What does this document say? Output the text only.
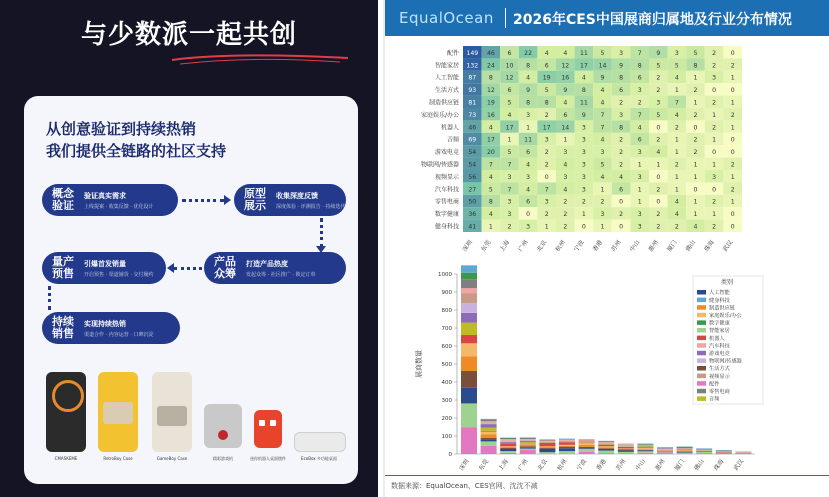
与少数派一起共创
从创意验证到持续热销
我们提供全链路的社区支持
概念验证
验证真实需求
上线提案 · 收集反馈 · 优化设计
原型展示
收集深度反馈
深度体验 · 评测报告 · 持续迭代
产品众筹
打造产品热度
发起众筹 · 社区推广 · 锁定订单
量产预售
引爆首发销量
开启预售 · 渠道铺货 · 交付履约
持续销售
实现持续热销
渠道合作 · 内容运营 · 口碑沉淀
CMASKEME	RetroBoy Case	GameBoy Case	精彩游戏机	迷你机器人桌面摆件	EcoBox 多功能桌面
EqualOcean 2026年CES中国展商归属地及行业分布情况
配件 149 46 6 22 4 4 11 5 3 7 9 3 5 2 0
智能家居 132 24 10 8 6 12 17 14 9 8 5 5 8 2 2
人工智能 87 8 12 4 19 16 4 9 8 6 2 4 1 3 1
生活方式 93 12 6 9 5 9 8 4 6 3 2 1 2 0 0
制造供应链 81 19 5 8 8 4 11 4 2 2 3 7 1 2 1
家庭娱乐/办公 73 16 4 3 2 6 9 7 3 7 5 4 2 1 2
机器人 46 4 17 1 17 14 3 7 8 4 0 2 0 2 1
音频 69 17 1 11 3 1 3 4 2 6 2 1 2 1 0
游戏电竞 54 20 5 6 2 3 3 3 2 3 4 1 2 0 0
物联网/传感器 54 7 7 4 2 4 3 5 2 1 1 2 1 1 2
视频显示 56 4 3 3 0 3 3 4 4 3 0 1 1 3 1
汽车科技 27 5 7 4 7 4 3 1 6 1 2 1 0 0 2
零售电商 50 8 3 6 3 2 2 2 0 1 0 4 1 2 1
数字健康 36 4 3 0 2 2 1 3 2 3 2 4 1 1 0
健身科技 41 1 2 3 1 2 0 1 0 3 2 2 4 2 0
深圳 东莞 上海 广州 北京 杭州 宁波 香港 苏州 中山 惠州 厦门 佛山 珠海 武汉
0
100
200
300
400
500
600
700
800
900
1000
展商数量
深圳 东莞 上海 广州 北京 杭州 宁波 香港 苏州 中山 惠州 厦门 佛山 珠海 武汉
类别
人工智能
健身科技
制造供应链
家庭娱乐/办公
数字健康
智能家居
机器人
汽车科技
游戏电竞
物联网/传感器
生活方式
视频显示
配件
零售电商
音频
数据来源：EqualOcean、CES官网、沈沈不减
